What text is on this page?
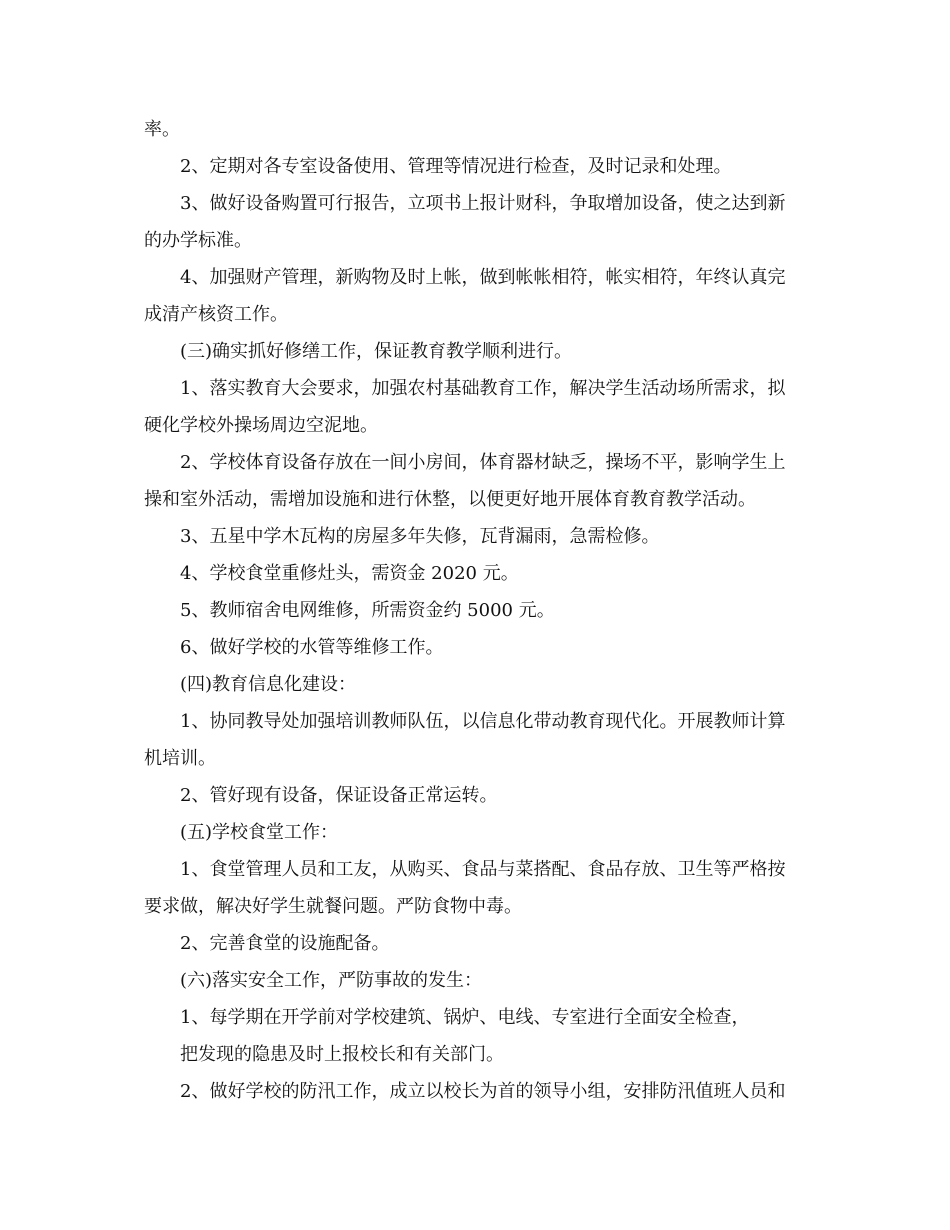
率。
2、定期对各专室设备使用、管理等情况进行检查，及时记录和处理。
3、做好设备购置可行报告，立项书上报计财科，争取增加设备，使之达到新
的办学标准。
4、加强财产管理，新购物及时上帐，做到帐帐相符，帐实相符，年终认真完
成清产核资工作。
(三)确实抓好修缮工作，保证教育教学顺利进行。
1、落实教育大会要求，加强农村基础教育工作，解决学生活动场所需求，拟
硬化学校外操场周边空泥地。
2、学校体育设备存放在一间小房间，体育器材缺乏，操场不平，影响学生上
操和室外活动，需增加设施和进行休整，以便更好地开展体育教育教学活动。
3、五星中学木瓦构的房屋多年失修，瓦背漏雨，急需检修。
4、学校食堂重修灶头，需资金 2020 元。
5、教师宿舍电网维修，所需资金约 5000 元。
6、做好学校的水管等维修工作。
(四)教育信息化建设：
1、协同教导处加强培训教师队伍，以信息化带动教育现代化。开展教师计算
机培训。
2、管好现有设备，保证设备正常运转。
(五)学校食堂工作：
1、食堂管理人员和工友，从购买、食品与菜搭配、食品存放、卫生等严格按
要求做，解决好学生就餐问题。严防食物中毒。
2、完善食堂的设施配备。
(六)落实安全工作，严防事故的发生：
1、每学期在开学前对学校建筑、锅炉、电线、专室进行全面安全检查，
把发现的隐患及时上报校长和有关部门。
2、做好学校的防汛工作，成立以校长为首的领导小组，安排防汛值班人员和
